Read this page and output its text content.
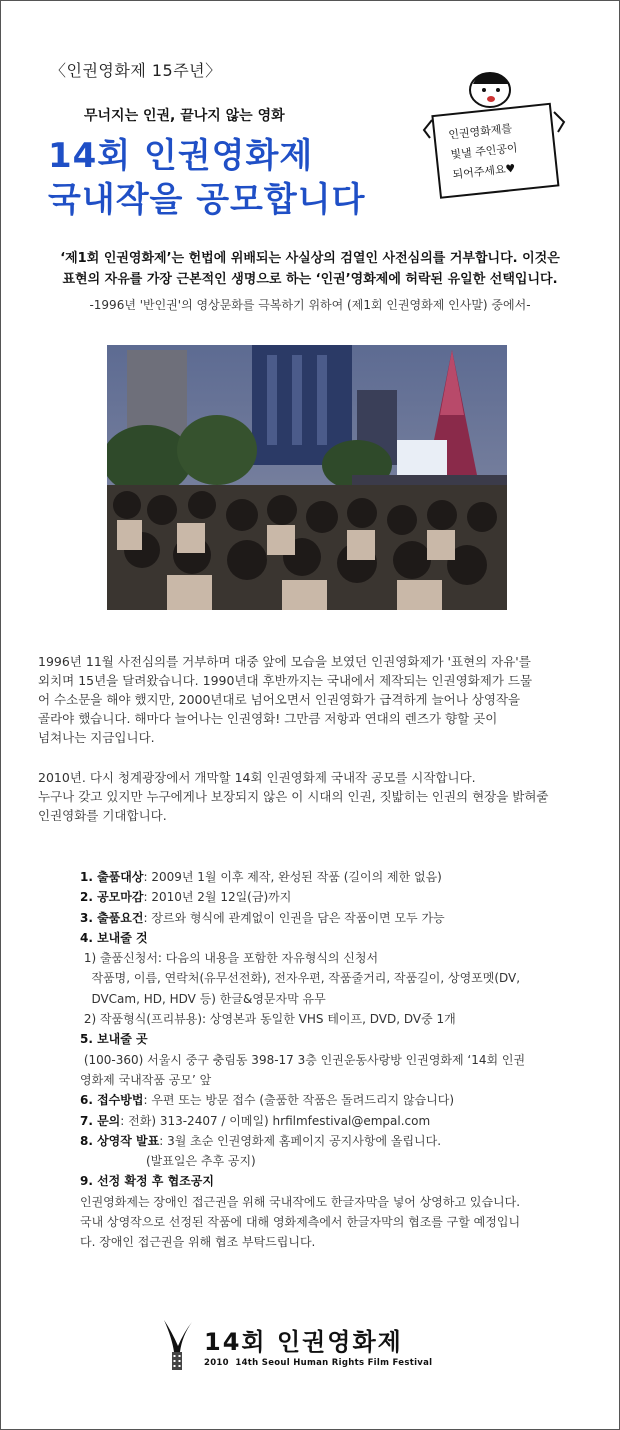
〈인권영화제 15주년〉
무너지는 인권, 끝나지 않는 영화
14회 인권영화제
국내작을 공모합니다
인권영화제를
빛낼 주인공이
되어주세요♥
‘제1회 인권영화제’는 헌법에 위배되는 사실상의 검열인 사전심의를 거부합니다. 이것은
표현의 자유를 가장 근본적인 생명으로 하는 ‘인권’영화제에 허락된 유일한 선택입니다.
-1996년 '반인권'의 영상문화를 극복하기 위하여 (제1회 인권영화제 인사말) 중에서-
1996년 11월 사전심의를 거부하며 대중 앞에 모습을 보였던 인권영화제가 '표현의 자유'를
외치며 15년을 달려왔습니다. 1990년대 후반까지는 국내에서 제작되는 인권영화제가 드물
어 수소문을 해야 했지만, 2000년대로 넘어오면서 인권영화가 급격하게 늘어나 상영작을
골라야 했습니다. 해마다 늘어나는 인권영화! 그만큼 저항과 연대의 렌즈가 향할 곳이
넘쳐나는 지금입니다.
2010년. 다시 청계광장에서 개막할 14회 인권영화제 국내작 공모를 시작합니다.
누구나 갖고 있지만 누구에게나 보장되지 않은 이 시대의 인권, 짓밟히는 인권의 현장을 밝혀줄
인권영화를 기대합니다.
1. 출품대상: 2009년 1월 이후 제작, 완성된 작품 (길이의 제한 없음)
2. 공모마감: 2010년 2월 12일(금)까지
3. 출품요건: 장르와 형식에 관계없이 인권을 담은 작품이면 모두 가능
4. 보내줄 것
1) 출품신청서: 다음의 내용을 포함한 자유형식의 신청서
작품명, 이름, 연락처(유무선전화), 전자우편, 작품줄거리, 작품길이, 상영포멧(DV,
DVCam, HD, HDV 등) 한글&영문자막 유무
2) 작품형식(프리뷰용): 상영본과 동일한 VHS 테이프, DVD, DV중 1개
5. 보내줄 곳
(100-360) 서울시 중구 충림동 398-17 3층 인권운동사랑방 인권영화제 ‘14회 인권
영화제 국내작품 공모’ 앞
6. 접수방법: 우편 또는 방문 접수 (출품한 작품은 돌려드리지 않습니다)
7. 문의: 전화) 313-2407 / 이메일) hrfilmfestival@empal.com
8. 상영작 발표: 3월 초순 인권영화제 홈페이지 공지사항에 올립니다.
(발표일은 추후 공지)
9. 선정 확정 후 협조공지
인권영화제는 장애인 접근권을 위해 국내작에도 한글자막을 넣어 상영하고 있습니다.
국내 상영작으로 선정된 작품에 대해 영화제측에서 한글자막의 협조를 구할 예정입니
다. 장애인 접근권을 위해 협조 부탁드립니다.
14회 인권영화제
2010  14th Seoul Human Rights Film Festival
